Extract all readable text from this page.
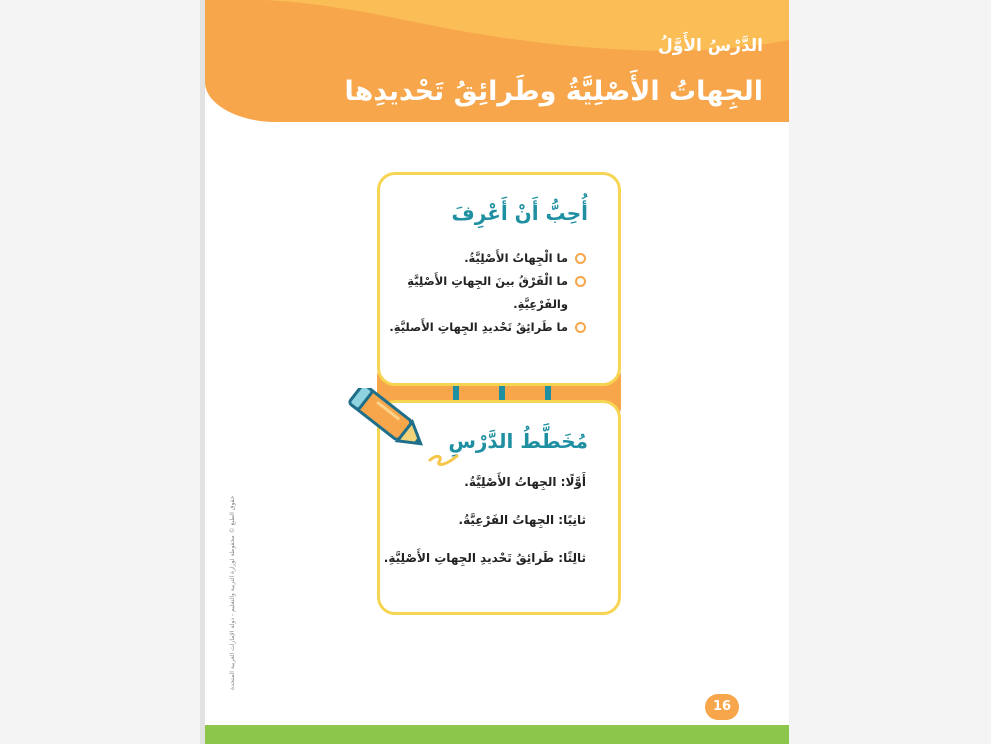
الدَّرْسُ الأَوَّلُ
الجِهاتُ الأَصْلِيَّةُ وطَرائِقُ تَحْديدِها
أُحِبُّ أَنْ أَعْرِفَ
ما الْجِهاتُ الأَصْلِيَّةُ.
ما الْفَرْقُ بينَ الجِهاتِ الأَصْلِيَّةِ والفَرْعِيَّةِ.
ما طَرائِقُ تَحْديدِ الجِهاتِ الأَصليَّةِ.
مُخَطَّطُ الدَّرْسِ
أَوَّلًا: الجِهاتُ الأَصْلِيَّةُ.
ثانِيًا: الجِهاتُ الفَرْعِيَّةُ.
ثالِثًا: طَرائِقُ تَحْديدِ الجِهاتِ الأَصْلِيَّةِ.
حقوق الطبع © محفوظة لوزارة التربية والتعليم - دولة الإمارات العربية المتحدة
16
